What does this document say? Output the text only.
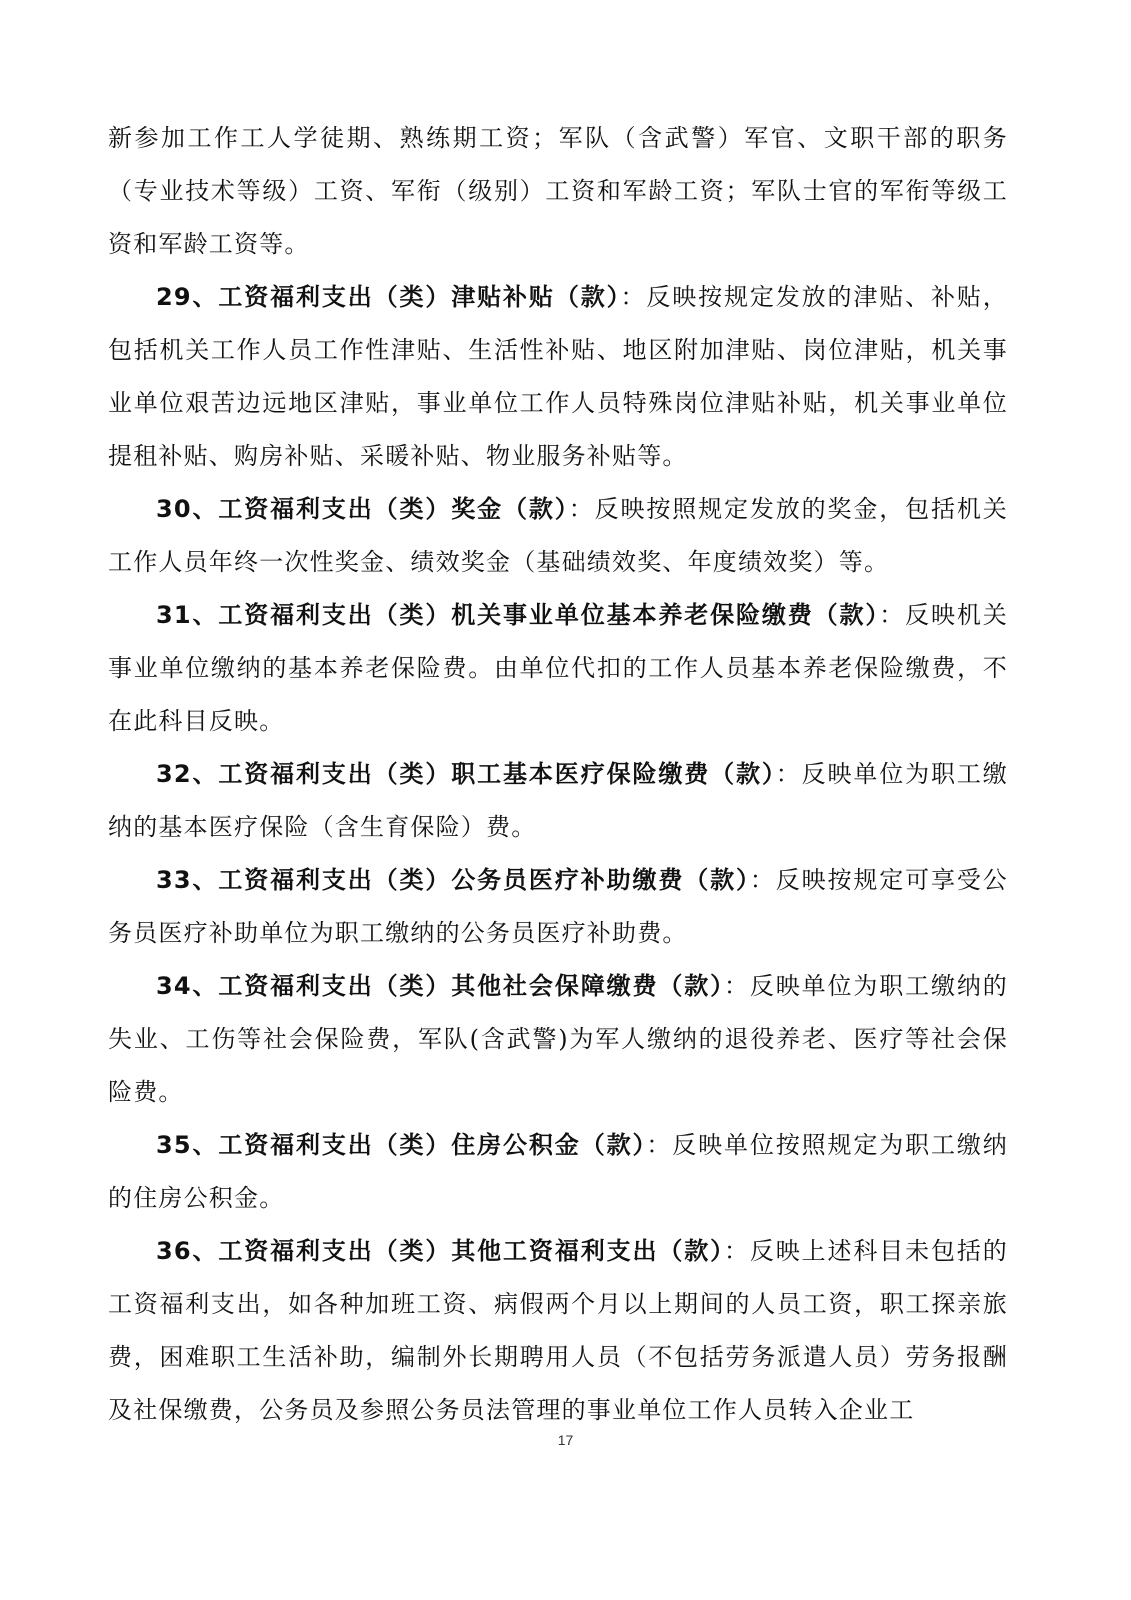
新参加工作工人学徒期、熟练期工资；军队（含武警）军官、文职干部的职务（专业技术等级）工资、军衔（级别）工资和军龄工资；军队士官的军衔等级工资和军龄工资等。

29、工资福利支出（类）津贴补贴（款）：反映按规定发放的津贴、补贴，包括机关工作人员工作性津贴、生活性补贴、地区附加津贴、岗位津贴，机关事业单位艰苦边远地区津贴，事业单位工作人员特殊岗位津贴补贴，机关事业单位提租补贴、购房补贴、采暖补贴、物业服务补贴等。

30、工资福利支出（类）奖金（款）：反映按照规定发放的奖金，包括机关工作人员年终一次性奖金、绩效奖金（基础绩效奖、年度绩效奖）等。

31、工资福利支出（类）机关事业单位基本养老保险缴费（款）：反映机关事业单位缴纳的基本养老保险费。由单位代扣的工作人员基本养老保险缴费，不在此科目反映。

32、工资福利支出（类）职工基本医疗保险缴费（款）：反映单位为职工缴纳的基本医疗保险（含生育保险）费。

33、工资福利支出（类）公务员医疗补助缴费（款）：反映按规定可享受公务员医疗补助单位为职工缴纳的公务员医疗补助费。

34、工资福利支出（类）其他社会保障缴费（款）：反映单位为职工缴纳的失业、工伤等社会保险费，军队(含武警)为军人缴纳的退役养老、医疗等社会保险费。

35、工资福利支出（类）住房公积金（款）：反映单位按照规定为职工缴纳的住房公积金。

36、工资福利支出（类）其他工资福利支出（款）：反映上述科目未包括的工资福利支出，如各种加班工资、病假两个月以上期间的人员工资，职工探亲旅费，困难职工生活补助，编制外长期聘用人员（不包括劳务派遣人员）劳务报酬及社保缴费，公务员及参照公务员法管理的事业单位工作人员转入企业工

17
